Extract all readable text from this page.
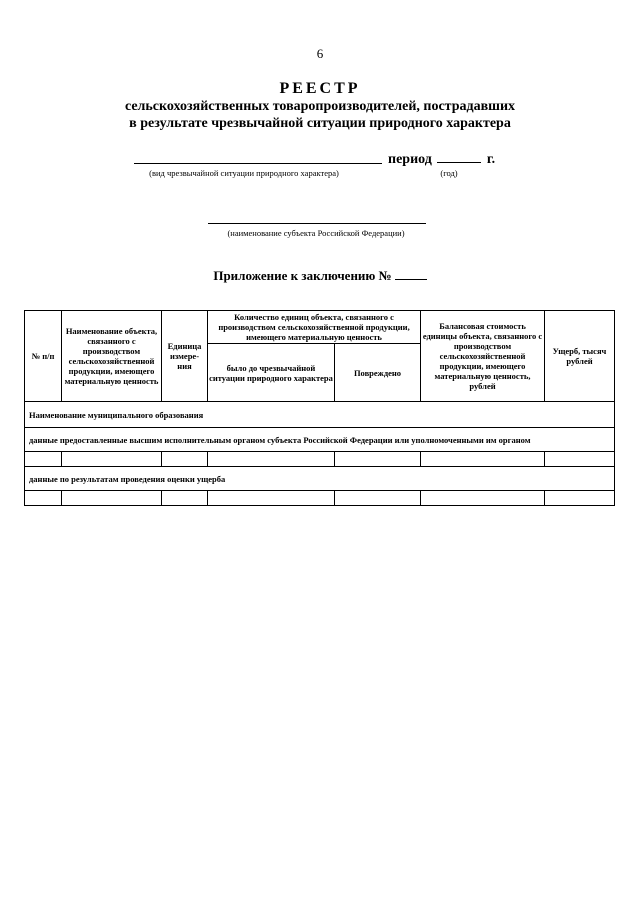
6
РЕЕСТР
сельскохозяйственных товаропроизводителей, пострадавших
в результате чрезвычайной ситуации природного характера
период	г.
(вид чрезвычайной ситуации природного характера)	(год)
(наименование субъекта Российской Федерации)
Приложение к заключению №
№ п/п	Наименование объекта, связанного с производством сельскохозяйственной продукции, имеющего материальную ценность	Единица измере-ния	Количество единиц объекта, связанного с производством сельскохозяйственной продукции, имеющего материальную ценность		Балансовая стоимость единицы объекта, связанного с производством сельскохозяйственной продукции, имеющего материальную ценность, рублей	Ущерб, тысяч рублей
			было до чрезвычайной ситуации природного характера	Повреждено		
Наименование муниципального образования						
данные предоставленные высшим исполнительным органом субъекта Российской Федерации или уполномоченными им органом						

данные по результатам проведения оценки ущерба						
